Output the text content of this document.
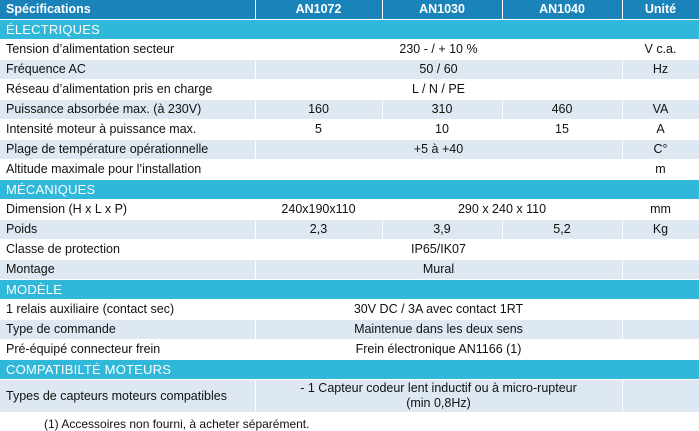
Spécifications	AN1072	AN1030	AN1040	Unité
ÉLECTRIQUES				
Tension d’alimentation secteur	230 - / + 10 %			V c.a.
Fréquence AC	50 / 60			Hz
Réseau d’alimentation pris en charge	L / N / PE			
Puissance absorbée max. (à 230V)	160	310	460	VA
Intensité moteur à puissance max.	5	10	15	A
Plage de température opérationnelle	+5 à +40			C°
Altitude maximale pour l’installation				m
MÉCANIQUES				
Dimension (H x L x P)	240x190x110	290 x 240 x 110		mm
Poids	2,3	3,9	5,2	Kg
Classe de protection	IP65/IK07			
Montage	Mural			
MODÈLE				
1 relais auxiliaire (contact sec)	30V DC / 3A avec contact 1RT			
Type de commande	Maintenue dans les deux sens			
Pré-équipé connecteur frein	Frein électronique AN1166 (1)			
COMPATIBILTÉ MOTEURS				
Types de capteurs moteurs compatibles	- 1 Capteur codeur lent inductif ou à micro-rupteur
(min 0,8Hz)			

(1) Accessoires non fourni, à acheter séparément.
